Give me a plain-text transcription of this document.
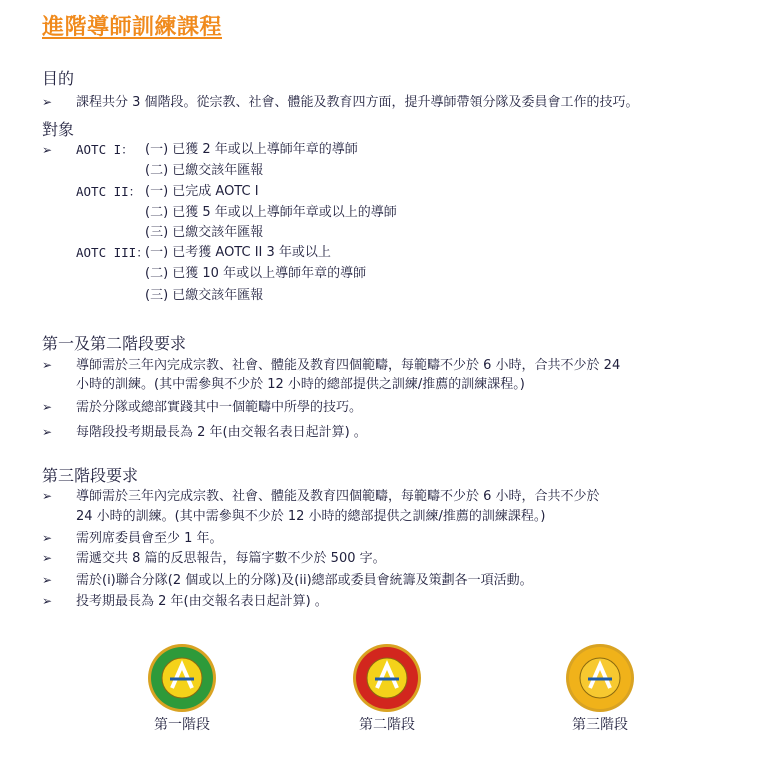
進階導師訓練課程
目的
➢ 課程共分 3 個階段。從宗教、社會、體能及教育四方面，提升導師帶領分隊及委員會工作的技巧。
對象
➢	AOTC I： (一) 已獲 2 年或以上導師年章的導師
(二) 已繳交該年匯報
AOTC II： (一) 已完成 AOTC I
(二) 已獲 5 年或以上導師年章或以上的導師
(三) 已繳交該年匯報
AOTC III：
(一) 已考獲 AOTC II 3 年或以上
(二) 已獲 10 年或以上導師年章的導師
(三) 已繳交該年匯報
第一及第二階段要求
➢ 導師需於三年內完成宗教、社會、體能及教育四個範疇，每範疇不少於 6 小時，合共不少於 24
小時的訓練。(其中需參與不少於 12 小時的總部提供之訓練/推薦的訓練課程。)
➢ 需於分隊或總部實踐其中一個範疇中所學的技巧。
➢ 每階段投考期最長為 2 年(由交報名表日起計算) 。
第三階段要求
➢ 導師需於三年內完成宗教、社會、體能及教育四個範疇，每範疇不少於 6 小時，合共不少於
24 小時的訓練。(其中需參與不少於 12 小時的總部提供之訓練/推薦的訓練課程。)
➢ 需列席委員會至少 1 年。
➢ 需遞交共 8 篇的反思報告，每篇字數不少於 500 字。
➢ 需於(i)聯合分隊(2 個或以上的分隊)及(ii)總部或委員會統籌及策劃各一項活動。
➢ 投考期最長為 2 年(由交報名表日起計算) 。
第一階段	第二階段	第三階段
